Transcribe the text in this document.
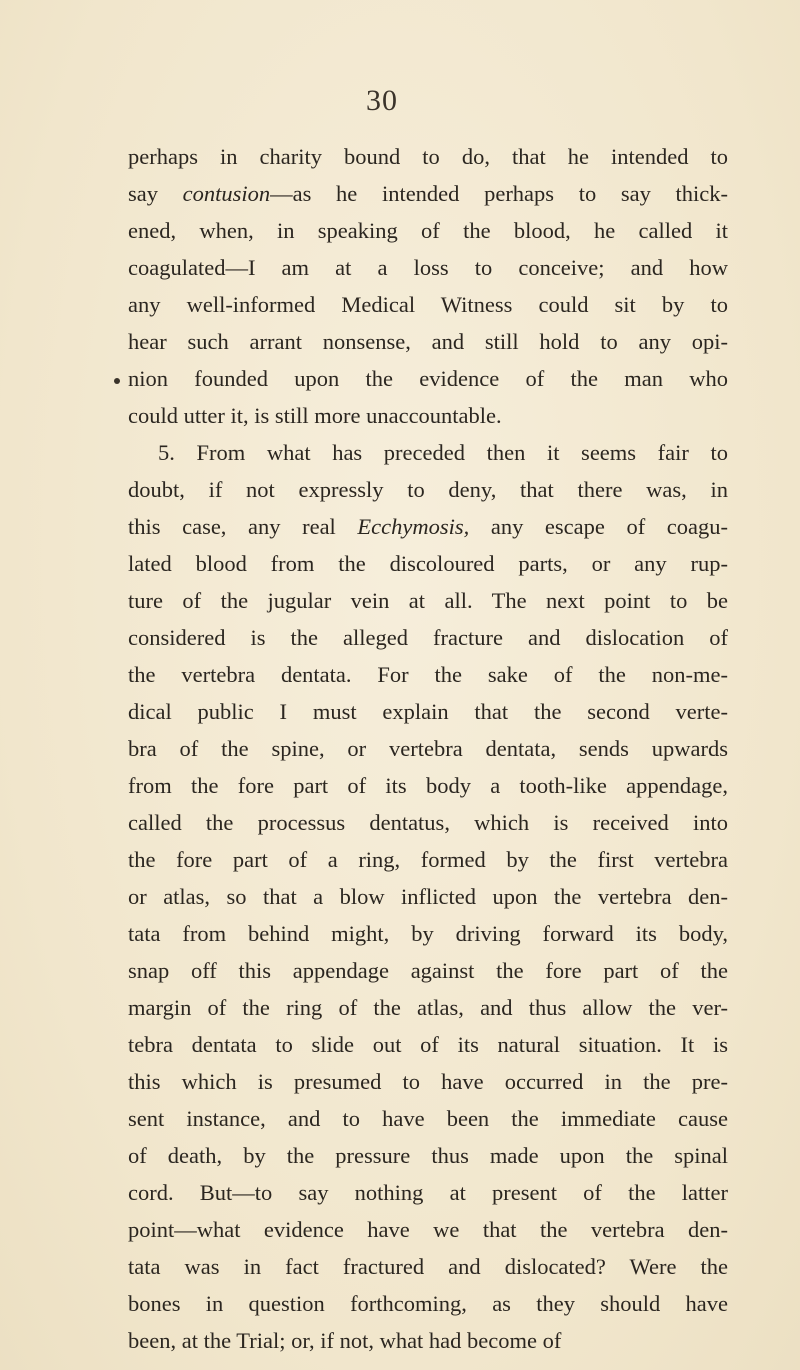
30
perhaps in charity bound to do, that he intended to
say contusion—as he intended perhaps to say thick-
ened, when, in speaking of the blood, he called it
coagulated—I am at a loss to conceive; and how
any well-informed Medical Witness could sit by to
hear such arrant nonsense, and still hold to any opi-
nion founded upon the evidence of the man who
could utter it, is still more unaccountable.
5. From what has preceded then it seems fair to
doubt, if not expressly to deny, that there was, in
this case, any real Ecchymosis, any escape of coagu-
lated blood from the discoloured parts, or any rup-
ture of the jugular vein at all. The next point to be
considered is the alleged fracture and dislocation of
the vertebra dentata. For the sake of the non-me-
dical public I must explain that the second verte-
bra of the spine, or vertebra dentata, sends upwards
from the fore part of its body a tooth-like appendage,
called the processus dentatus, which is received into
the fore part of a ring, formed by the first vertebra
or atlas, so that a blow inflicted upon the vertebra den-
tata from behind might, by driving forward its body,
snap off this appendage against the fore part of the
margin of the ring of the atlas, and thus allow the ver-
tebra dentata to slide out of its natural situation. It is
this which is presumed to have occurred in the pre-
sent instance, and to have been the immediate cause
of death, by the pressure thus made upon the spinal
cord. But—to say nothing at present of the latter
point—what evidence have we that the vertebra den-
tata was in fact fractured and dislocated? Were the
bones in question forthcoming, as they should have
been, at the Trial; or, if not, what had become of
